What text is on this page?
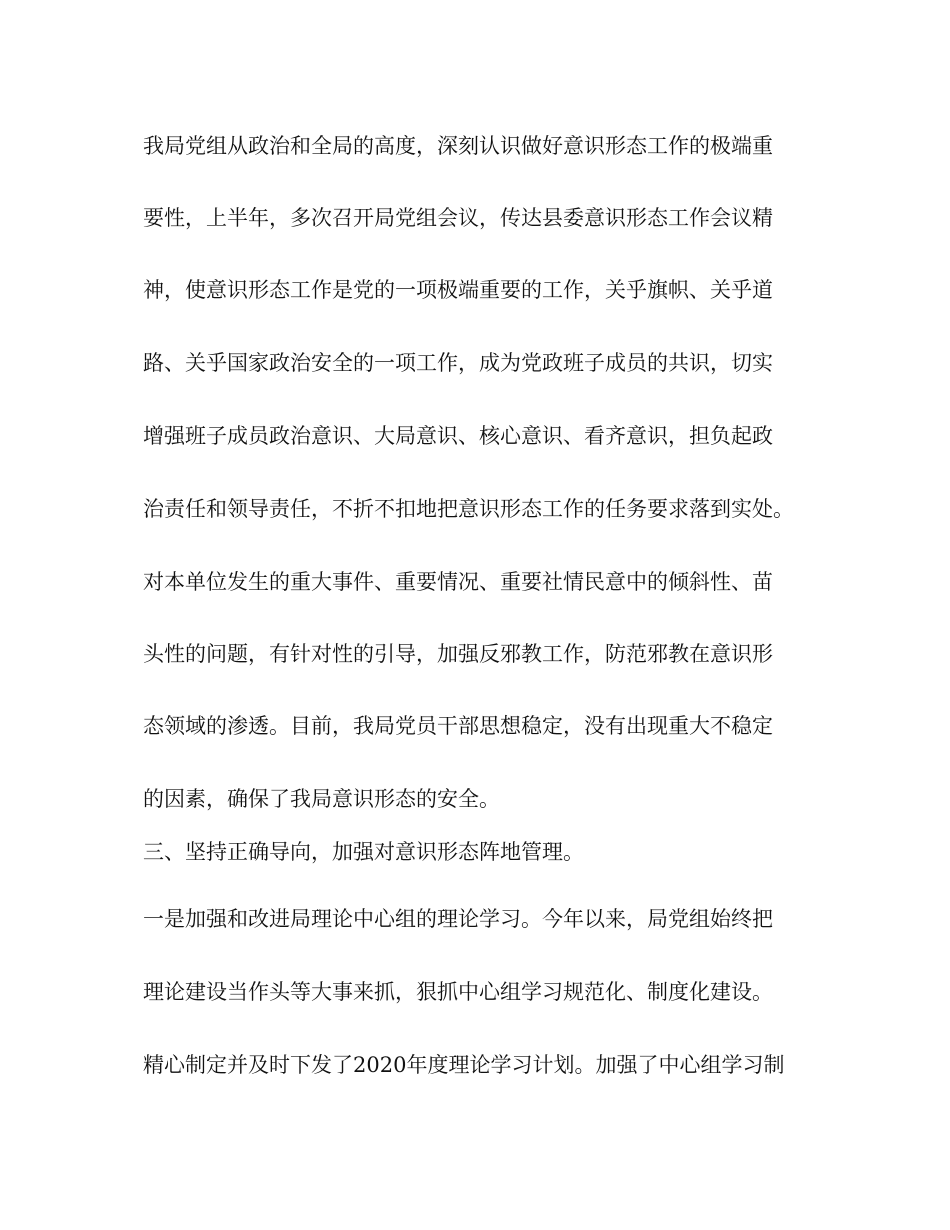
我局党组从政治和全局的高度，深刻认识做好意识形态工作的极端重

要性，上半年，多次召开局党组会议，传达县委意识形态工作会议精

神，使意识形态工作是党的一项极端重要的工作，关乎旗帜、关乎道

路、关乎国家政治安全的一项工作，成为党政班子成员的共识，切实

增强班子成员政治意识、大局意识、核心意识、看齐意识，担负起政

治责任和领导责任，不折不扣地把意识形态工作的任务要求落到实处。

对本单位发生的重大事件、重要情况、重要社情民意中的倾斜性、苗

头性的问题，有针对性的引导，加强反邪教工作，防范邪教在意识形

态领域的渗透。目前，我局党员干部思想稳定，没有出现重大不稳定

的因素，确保了我局意识形态的安全。

三、坚持正确导向，加强对意识形态阵地管理。

一是加强和改进局理论中心组的理论学习。今年以来，局党组始终把

理论建设当作头等大事来抓，狠抓中心组学习规范化、制度化建设。

精心制定并及时下发了2020年度理论学习计划。加强了中心组学习制
